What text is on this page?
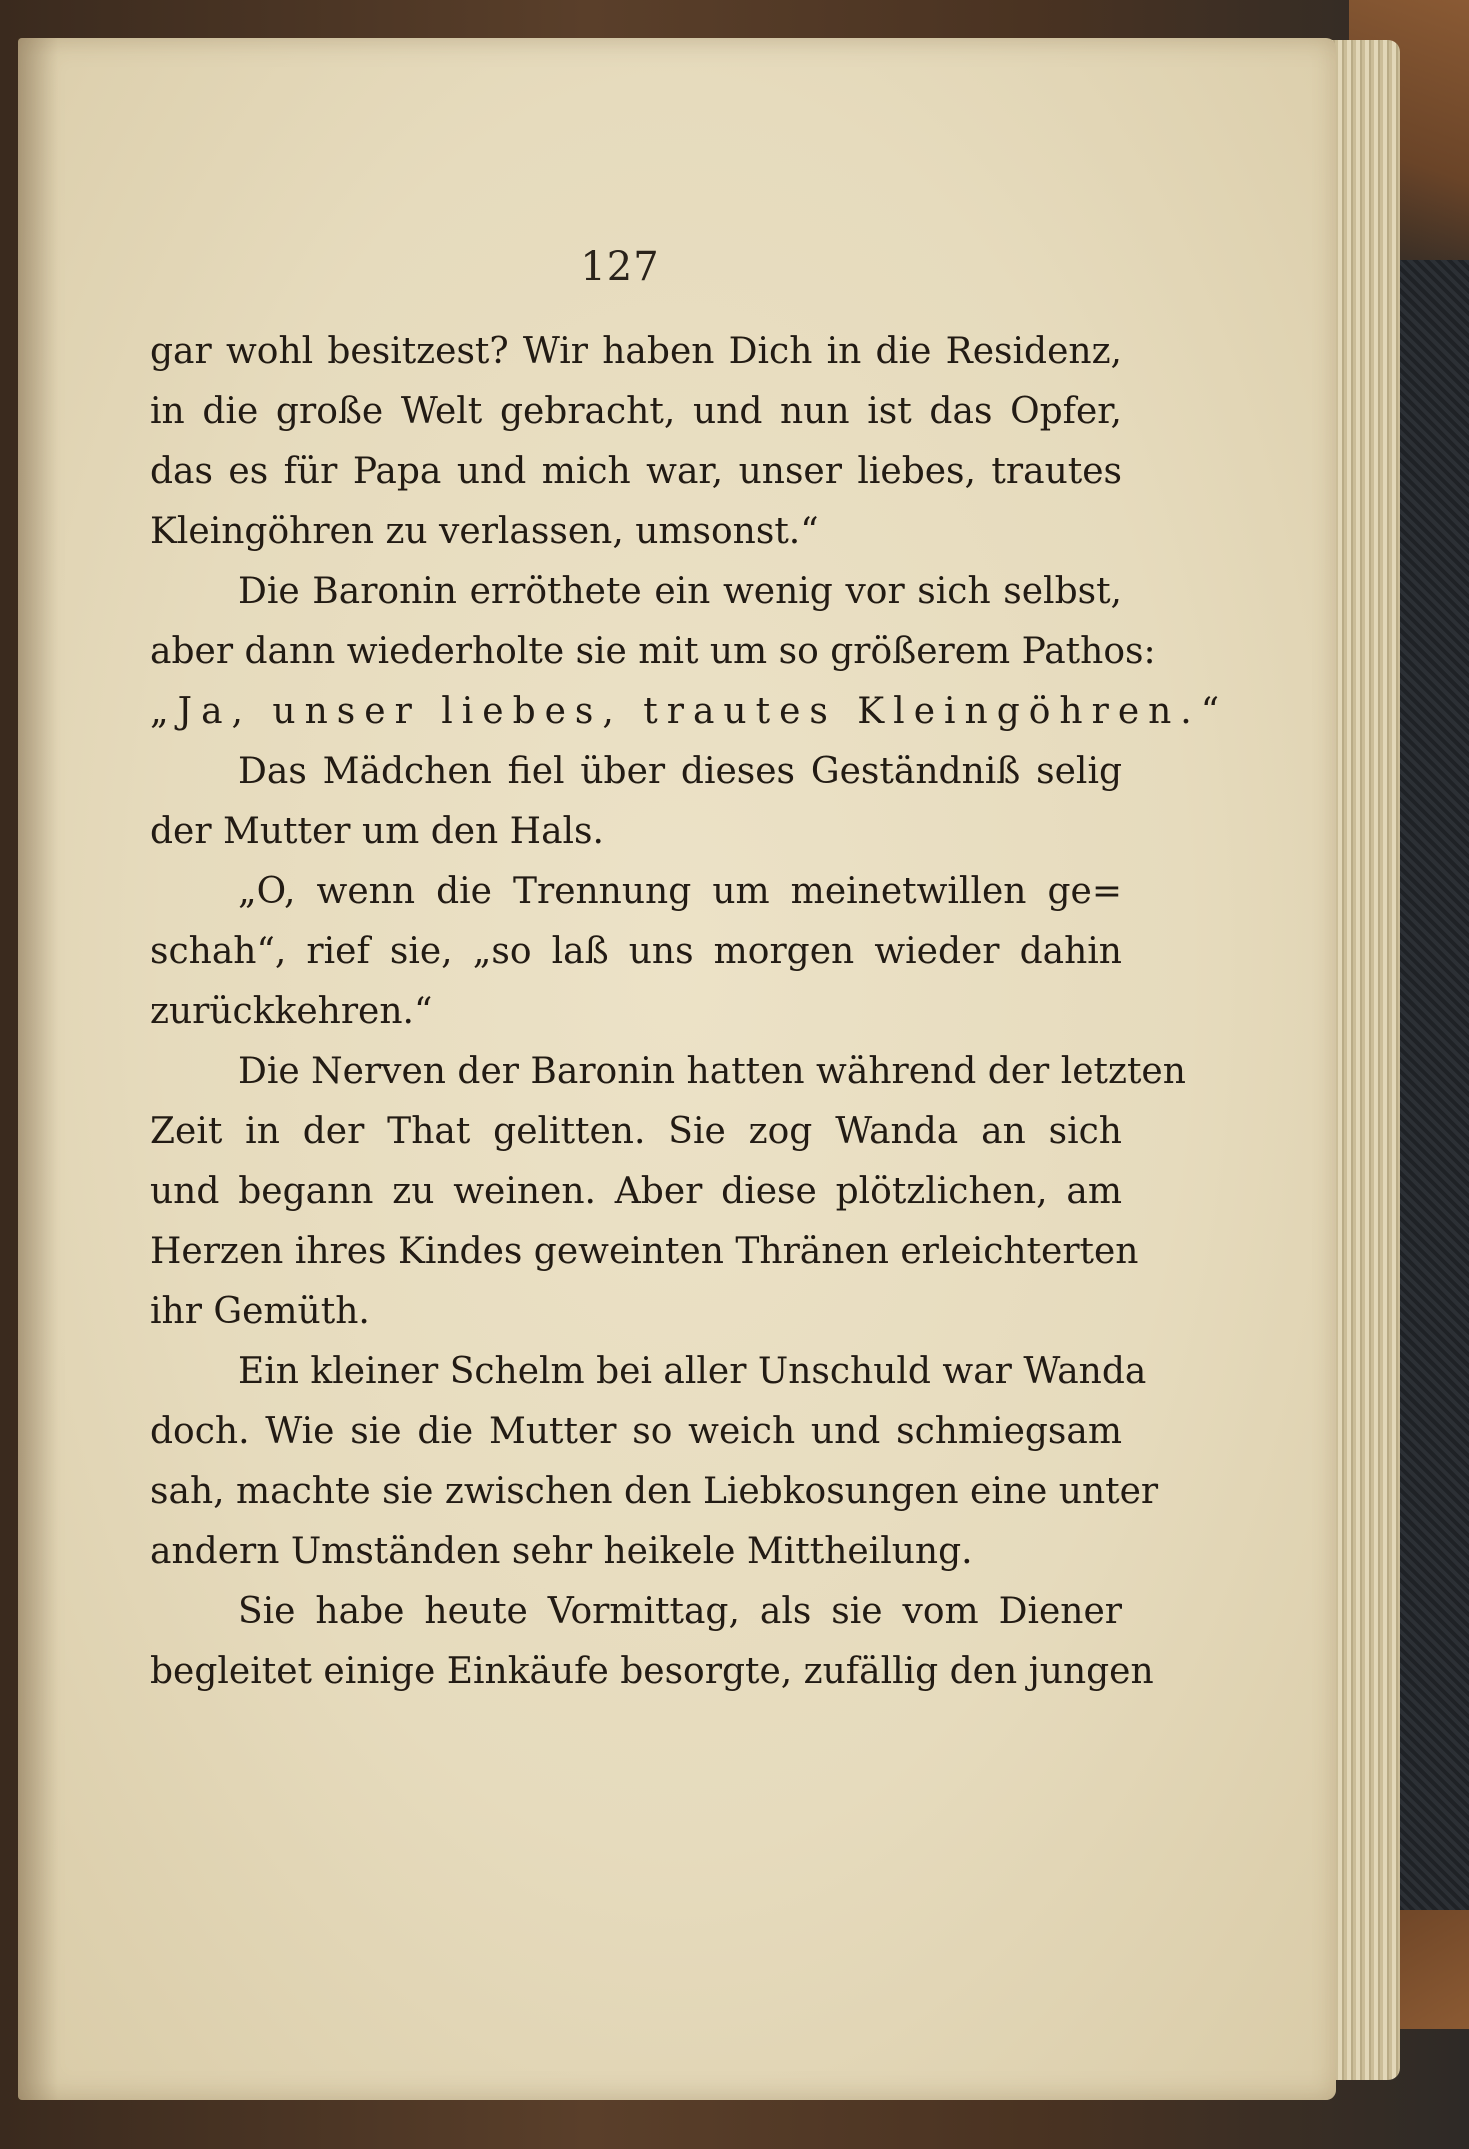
127
gar wohl besitzest? Wir haben Dich in die Residenz,
in die große Welt gebracht, und nun ist das Opfer,
das es für Papa und mich war, unser liebes, trautes
Kleingöhren zu verlassen, umsonst.“
Die Baronin erröthete ein wenig vor sich selbst,
aber dann wiederholte sie mit um so größerem Pathos:
„Ja, unser liebes, trautes Kleingöhren.“
Das Mädchen fiel über dieses Geständniß selig
der Mutter um den Hals.
„O, wenn die Trennung um meinetwillen ge=
schah“, rief sie, „so laß uns morgen wieder dahin
zurückkehren.“
Die Nerven der Baronin hatten während der letzten
Zeit in der That gelitten. Sie zog Wanda an sich
und begann zu weinen. Aber diese plötzlichen, am
Herzen ihres Kindes geweinten Thränen erleichterten
ihr Gemüth.
Ein kleiner Schelm bei aller Unschuld war Wanda
doch. Wie sie die Mutter so weich und schmiegsam
sah, machte sie zwischen den Liebkosungen eine unter
andern Umständen sehr heikele Mittheilung.
Sie habe heute Vormittag, als sie vom Diener
begleitet einige Einkäufe besorgte, zufällig den jungen
